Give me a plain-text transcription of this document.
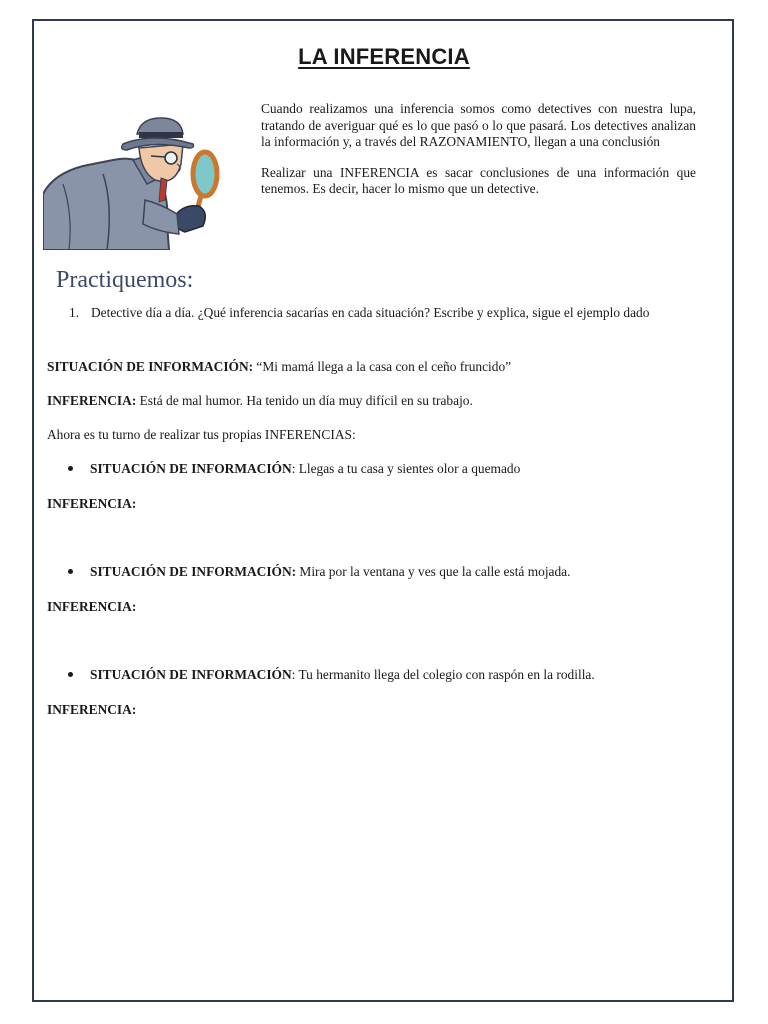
LA INFERENCIA

Cuando realizamos una inferencia somos como detectives con nuestra lupa, tratando de averiguar qué es lo que pasó o lo que pasará. Los detectives analizan la información y, a través del RAZONAMIENTO, llegan a una conclusión

Realizar una INFERENCIA es sacar conclusiones de una información que tenemos. Es decir, hacer lo mismo que un detective.

Practiquemos:
1. Detective día a día. ¿Qué inferencia sacarías en cada situación? Escribe y explica, sigue el ejemplo dado
SITUACIÓN DE INFORMACIÓN: “Mi mamá llega a la casa con el ceño fruncido”
INFERENCIA: Está de mal humor. Ha tenido un día muy difícil en su trabajo.
Ahora es tu turno de realizar tus propias INFERENCIAS:
SITUACIÓN DE INFORMACIÓN: Llegas a tu casa y sientes olor a quemado
INFERENCIA:
SITUACIÓN DE INFORMACIÓN: Mira por la ventana y ves que la calle está mojada.
INFERENCIA:
SITUACIÓN DE INFORMACIÓN: Tu hermanito llega del colegio con raspón en la rodilla.
INFERENCIA:
